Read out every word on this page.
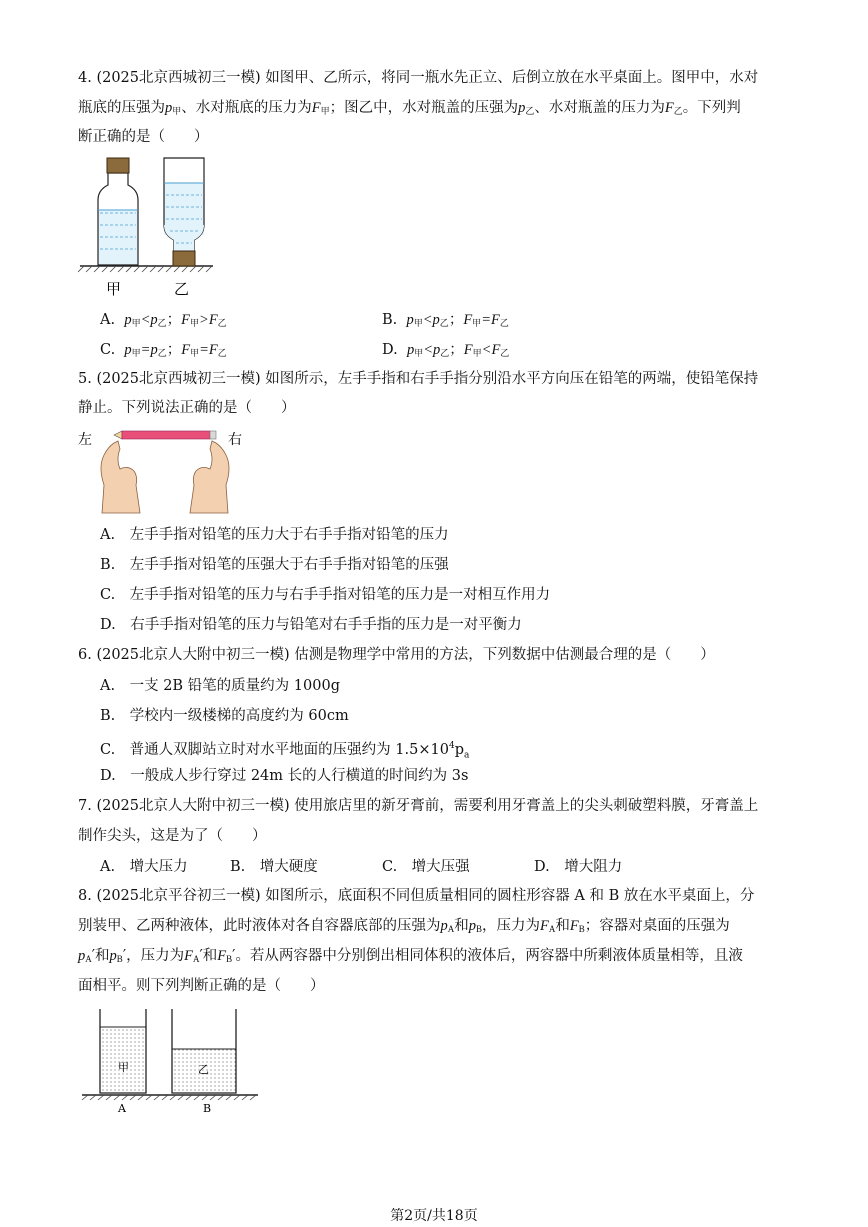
4. (2025北京西城初三一模) 如图甲、乙所示，将同一瓶水先正立、后倒立放在水平桌面上。图甲中，水对
瓶底的压强为$p_甲$、水对瓶底的压力为$F_甲$；图乙中，水对瓶盖的压强为$p_乙$、水对瓶盖的压力为$F_乙$。下列判
断正确的是（　　）
甲	乙
A. $p_甲<p_乙$；$F_甲>F_乙$	B. $p_甲<p_乙$；$F_甲=F_乙$
C. $p_甲=p_乙$；$F_甲=F_乙$	D. $p_甲<p_乙$；$F_甲<F_乙$
5. (2025北京西城初三一模) 如图所示，左手手指和右手手指分别沿水平方向压在铅笔的两端，使铅笔保持
静止。下列说法正确的是（　　）
左	右
A.　左手手指对铅笔的压力大于右手手指对铅笔的压力
B.　左手手指对铅笔的压强大于右手手指对铅笔的压强
C.　左手手指对铅笔的压力与右手手指对铅笔的压力是一对相互作用力
D.　右手手指对铅笔的压力与铅笔对右手手指的压力是一对平衡力
6. (2025北京人大附中初三一模) 估测是物理学中常用的方法，下列数据中估测最合理的是（　　）
A.　一支 2B 铅笔的质量约为 1000g
B.　学校内一级楼梯的高度约为 60cm
C.　普通人双脚站立时对水平地面的压强约为 $1.5\times 10^4p_a$
D.　一般成人步行穿过 24m 长的人行横道的时间约为 3s
7. (2025北京人大附中初三一模) 使用旅店里的新牙膏前，需要利用牙膏盖上的尖头刺破塑料膜，牙膏盖上
制作尖头，这是为了（　　）
A.　增大压力	B.　增大硬度	C.　增大压强	D.　增大阻力
8. (2025北京平谷初三一模) 如图所示，底面积不同但质量相同的圆柱形容器 A 和 B 放在水平桌面上，分
别装甲、乙两种液体，此时液体对各自容器底部的压强为$p_A$和$p_B$，压力为$F_A$和$F_B$；容器对桌面的压强为
$p_A'$和$p_B'$，压力为$F_A'$和$F_B'$。若从两容器中分别倒出相同体积的液体后，两容器中所剩液体质量相等，且液
面相平。则下列判断正确的是（　　）
甲	乙
A	B
第2页/共18页
